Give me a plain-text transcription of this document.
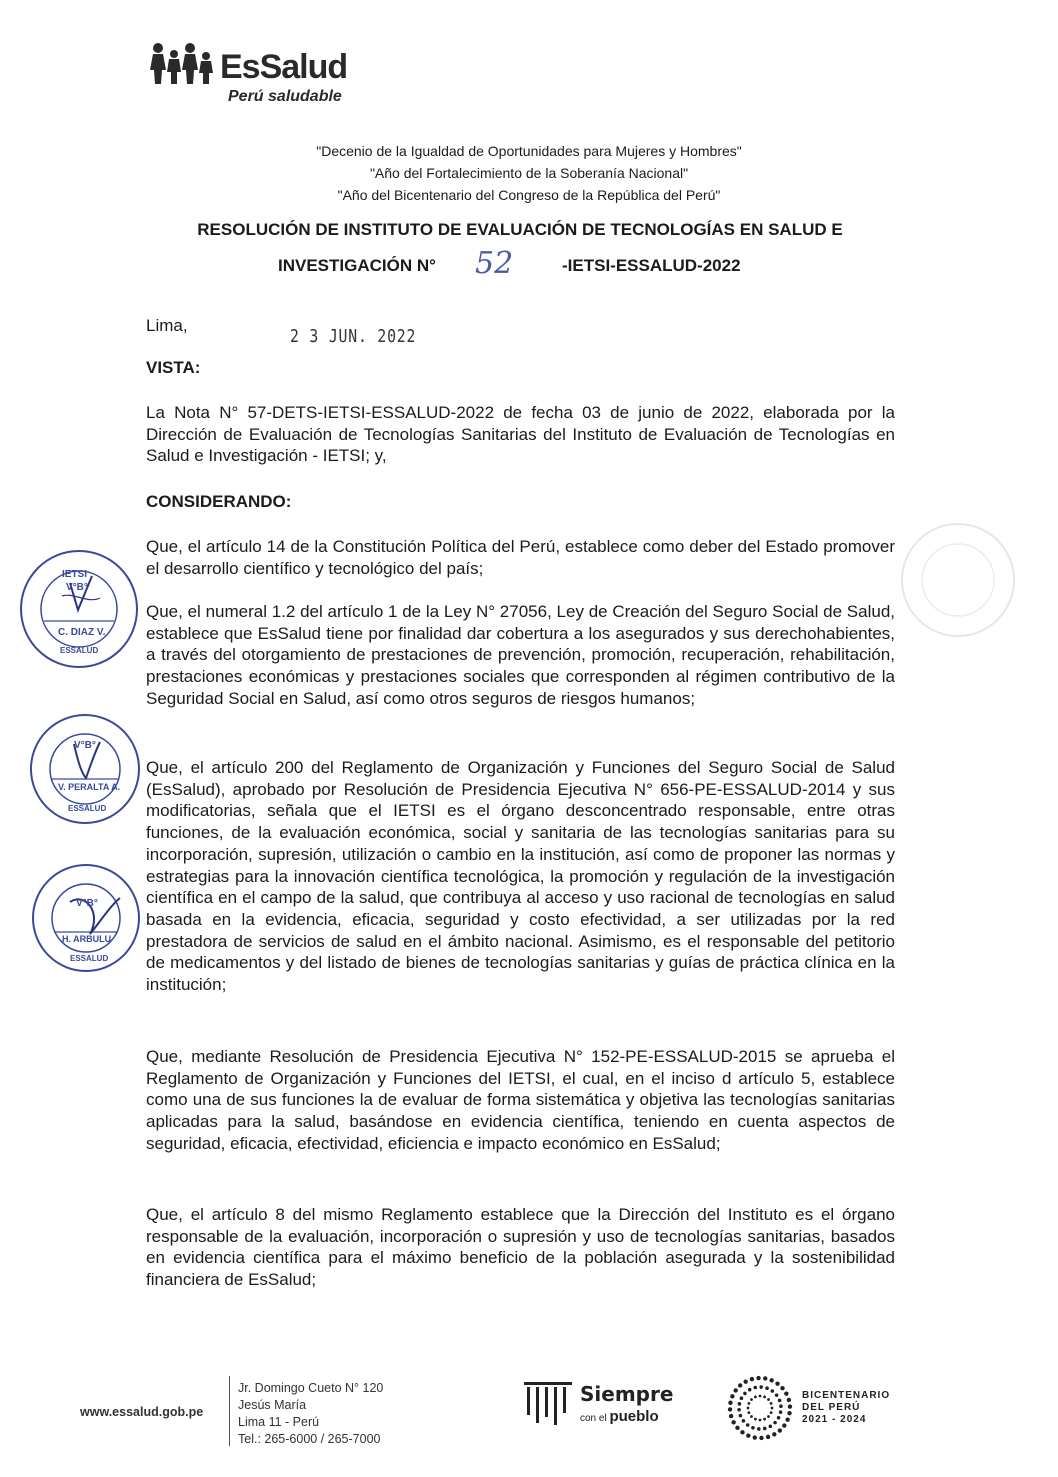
EsSalud
Perú saludable
"Decenio de la Igualdad de Oportunidades para Mujeres y Hombres"
"Año del Fortalecimiento de la Soberanía Nacional"
"Año del Bicentenario del Congreso de la República del Perú"
RESOLUCIÓN DE INSTITUTO DE EVALUACIÓN DE TECNOLOGÍAS EN SALUD E
INVESTIGACIÓN N° 52	-IETSI-ESSALUD-2022
Lima,
2 3 JUN. 2022
VISTA:
La Nota N° 57-DETS-IETSI-ESSALUD-2022 de fecha 03 de junio de 2022, elaborada por la Dirección de Evaluación de Tecnologías Sanitarias del Instituto de Evaluación de Tecnologías en Salud e Investigación - IETSI; y,
CONSIDERANDO:
Que, el artículo 14 de la Constitución Política del Perú, establece como deber del Estado promover el desarrollo científico y tecnológico del país;
Que, el numeral 1.2 del artículo 1 de la Ley N° 27056, Ley de Creación del Seguro Social de Salud, establece que EsSalud tiene por finalidad dar cobertura a los asegurados y sus derechohabientes, a través del otorgamiento de prestaciones de prevención, promoción, recuperación, rehabilitación, prestaciones económicas y prestaciones sociales que corresponden al régimen contributivo de la Seguridad Social en Salud, así como otros seguros de riesgos humanos;
Que, el artículo 200 del Reglamento de Organización y Funciones del Seguro Social de Salud (EsSalud), aprobado por Resolución de Presidencia Ejecutiva N° 656-PE-ESSALUD-2014 y sus modificatorias, señala que el IETSI es el órgano desconcentrado responsable, entre otras funciones, de la evaluación económica, social y sanitaria de las tecnologías sanitarias para su incorporación, supresión, utilización o cambio en la institución, así como de proponer las normas y estrategias para la innovación científica tecnológica, la promoción y regulación de la investigación científica en el campo de la salud, que contribuya al acceso y uso racional de tecnologías en salud basada en la evidencia, eficacia, seguridad y costo efectividad, a ser utilizadas por la red prestadora de servicios de salud en el ámbito nacional. Asimismo, es el responsable del petitorio de medicamentos y del listado de bienes de tecnologías sanitarias y guías de práctica clínica en la institución;
Que, mediante Resolución de Presidencia Ejecutiva N° 152-PE-ESSALUD-2015 se aprueba el Reglamento de Organización y Funciones del IETSI, el cual, en el inciso d artículo 5, establece como una de sus funciones la de evaluar de forma sistemática y objetiva las tecnologías sanitarias aplicadas para la salud, basándose en evidencia científica, teniendo en cuenta aspectos de seguridad, eficacia, efectividad, eficiencia e impacto económico en EsSalud;
Que, el artículo 8 del mismo Reglamento establece que la Dirección del Instituto es el órgano responsable de la evaluación, incorporación o supresión y uso de tecnologías sanitarias, basados en evidencia científica para el máximo beneficio de la población asegurada y la sostenibilidad financiera de EsSalud;
IETSI
V°B°
C. DIAZ V.
ESSALUD
V°B°
V. PERALTA A.
ESSALUD
V°B°
H. ARBULU
ESSALUD
www.essalud.gob.pe
Jr. Domingo Cueto N° 120
Jesús María
Lima 11 - Perú
Tel.: 265-6000 / 265-7000
Siempre
con el pueblo
BICENTENARIO
DEL PERÚ
2021 - 2024
